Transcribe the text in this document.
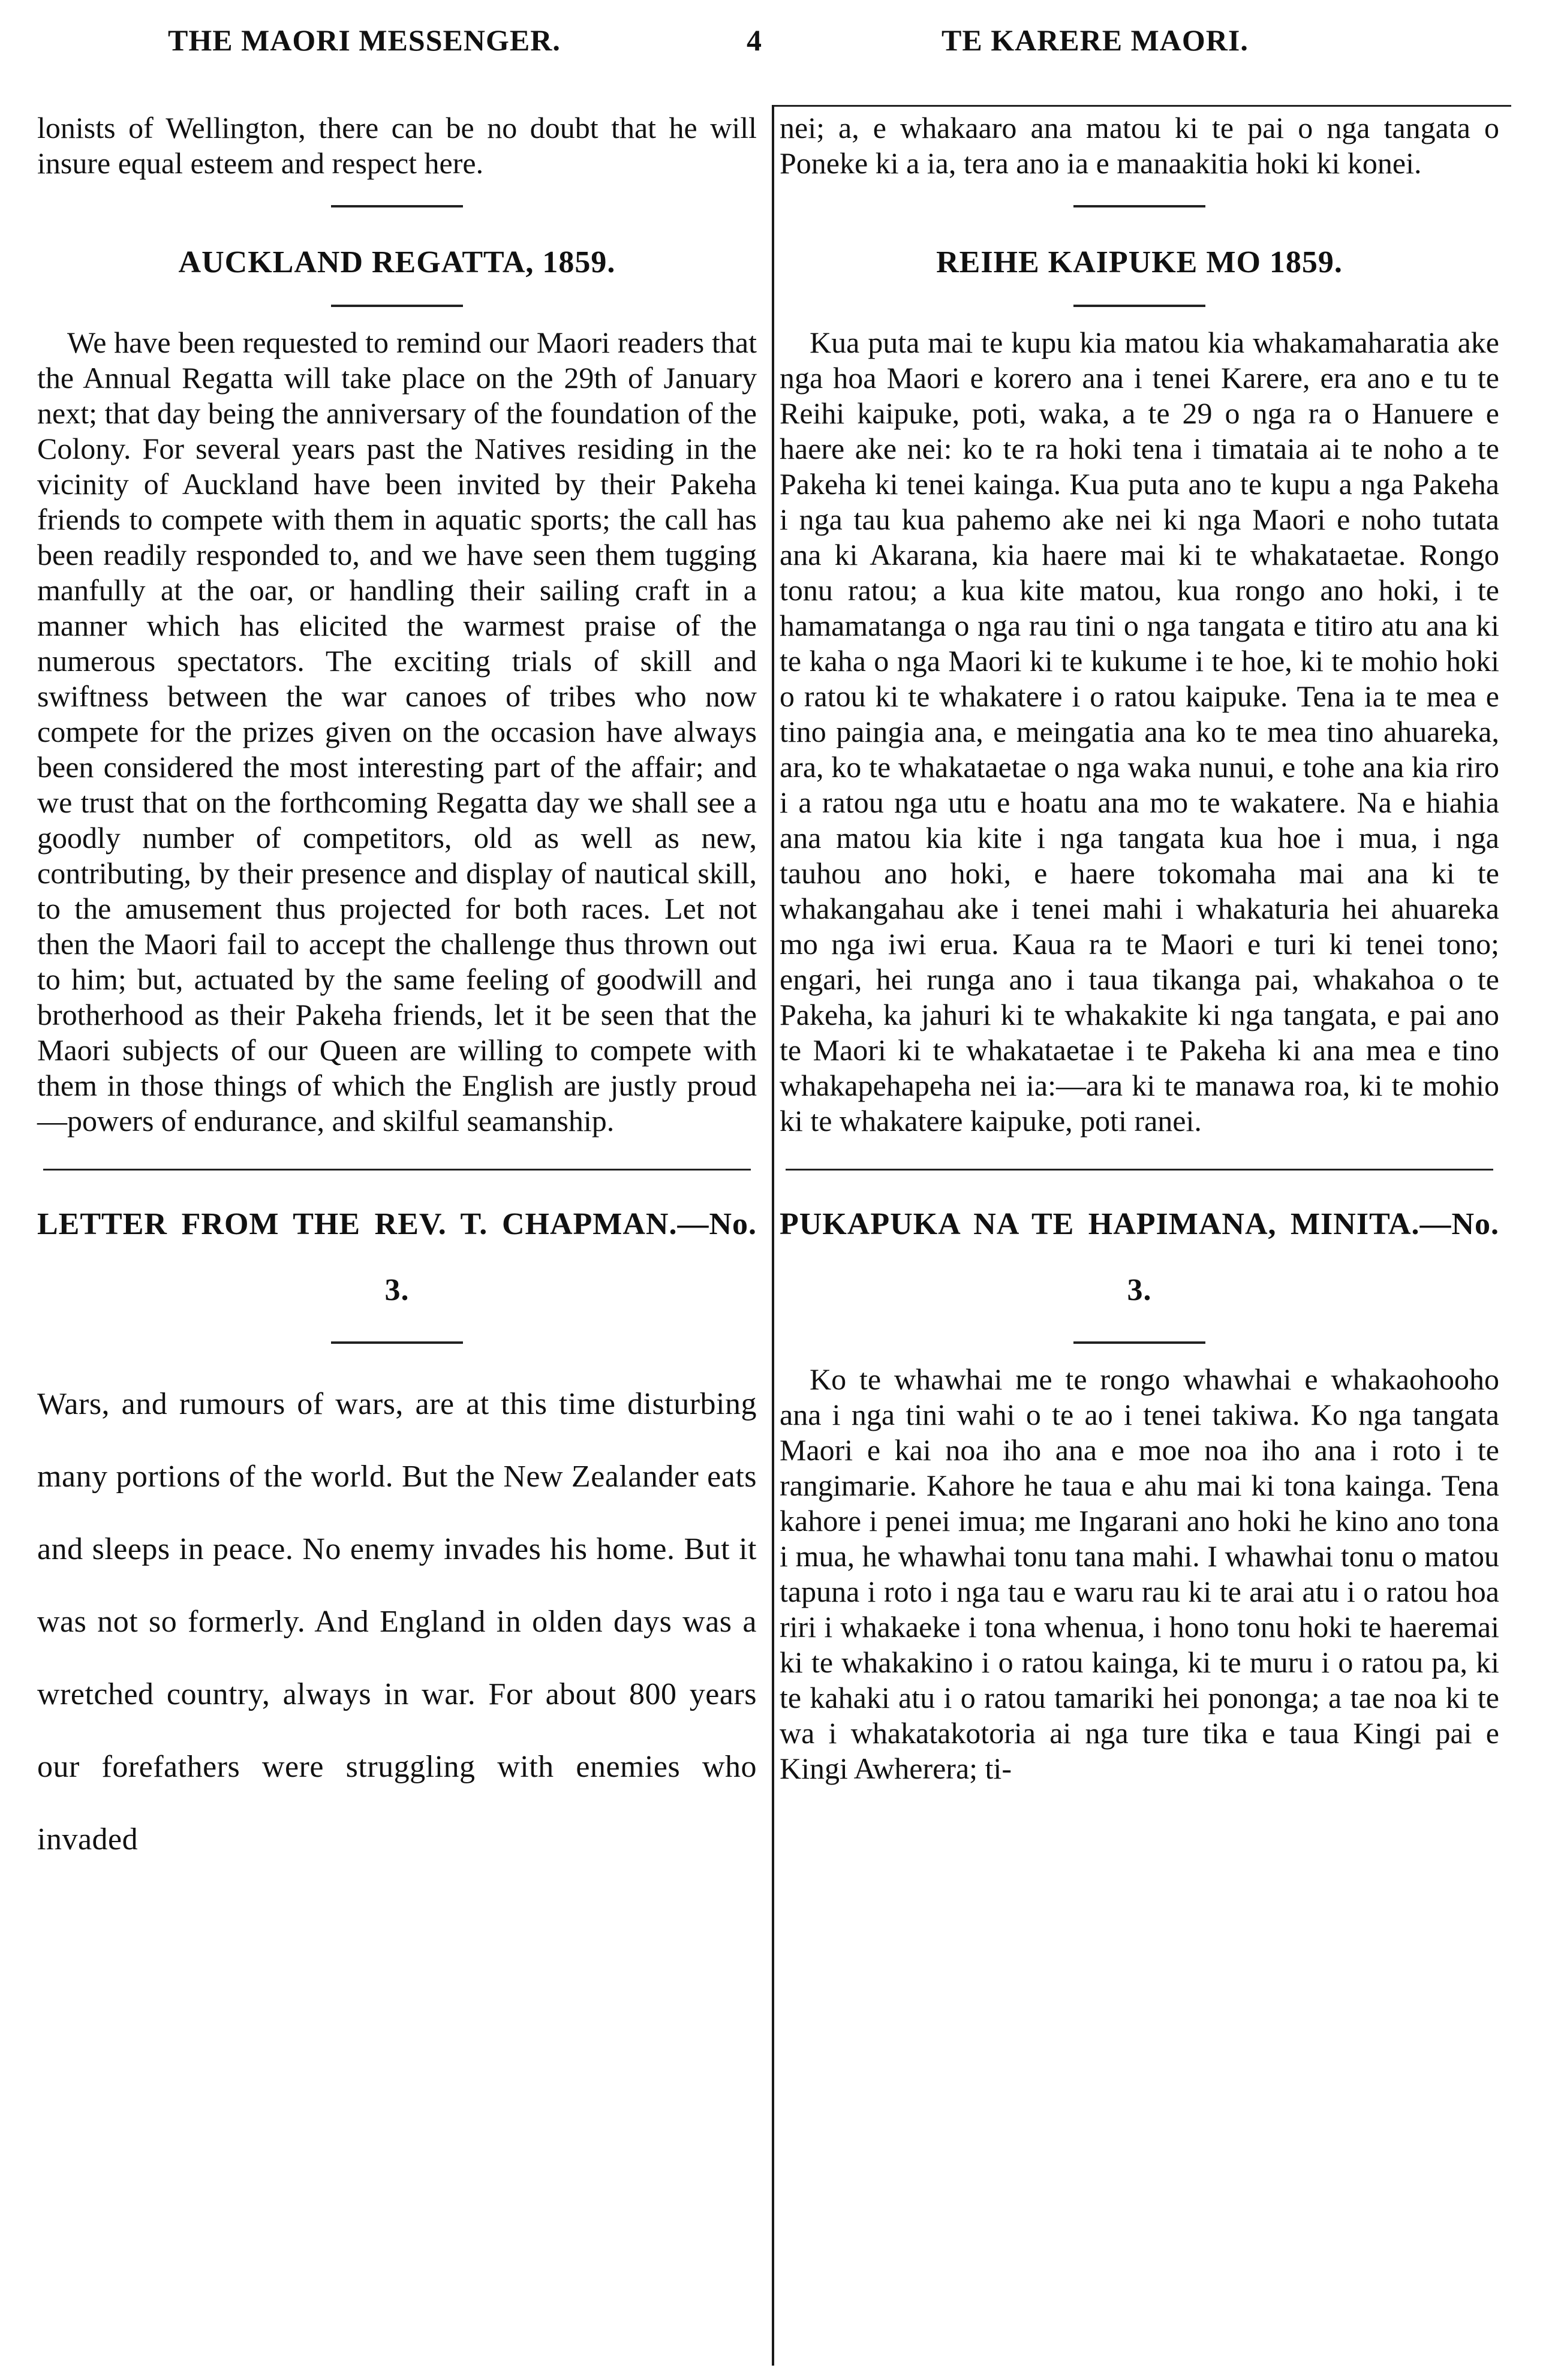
THE MAORI MESSENGER.	4	TE KARERE MAORI.

lonists of Wellington, there can be no doubt that he will insure equal esteem and respect here.

AUCKLAND REGATTA, 1859.

We have been requested to remind our Maori readers that the Annual Regatta will take place on the 29th of January next; that day being the anniversary of the foundation of the Colony. For several years past the Natives residing in the vicinity of Auckland have been invited by their Pakeha friends to compete with them in aquatic sports; the call has been readily responded to, and we have seen them tugging manfully at the oar, or handling their sailing craft in a manner which has elicited the warmest praise of the numerous spectators. The exciting trials of skill and swiftness between the war canoes of tribes who now compete for the prizes given on the occasion have always been considered the most interesting part of the affair; and we trust that on the forthcoming Regatta day we shall see a goodly number of competitors, old as well as new, contributing, by their presence and display of nautical skill, to the amusement thus projected for both races. Let not then the Maori fail to accept the challenge thus thrown out to him; but, actuated by the same feeling of goodwill and brotherhood as their Pakeha friends, let it be seen that the Maori subjects of our Queen are willing to compete with them in those things of which the English are justly proud—powers of endurance, and skilful seamanship.

LETTER FROM THE REV. T. CHAPMAN.—No. 3.

Wars, and rumours of wars, are at this time disturbing many portions of the world. But the New Zealander eats and sleeps in peace. No enemy invades his home. But it was not so formerly. And England in olden days was a wretched country, always in war. For about 800 years our forefathers were struggling with enemies who invaded

nei; a, e whakaaro ana matou ki te pai o nga tangata o Poneke ki a ia, tera ano ia e manaakitia hoki ki konei.

REIHE KAIPUKE MO 1859.

Kua puta mai te kupu kia matou kia whakamaharatia ake nga hoa Maori e korero ana i tenei Karere, era ano e tu te Reihi kaipuke, poti, waka, a te 29 o nga ra o Hanuere e haere ake nei: ko te ra hoki tena i timataia ai te noho a te Pakeha ki tenei kainga. Kua puta ano te kupu a nga Pakeha i nga tau kua pahemo ake nei ki nga Maori e noho tutata ana ki Akarana, kia haere mai ki te whakataetae. Rongo tonu ratou; a kua kite matou, kua rongo ano hoki, i te hamamatanga o nga rau tini o nga tangata e titiro atu ana ki te kaha o nga Maori ki te kukume i te hoe, ki te mohio hoki o ratou ki te whakatere i o ratou kaipuke. Tena ia te mea e tino paingia ana, e meingatia ana ko te mea tino ahuareka, ara, ko te whakataetae o nga waka nunui, e tohe ana kia riro i a ratou nga utu e hoatu ana mo te wakatere. Na e hiahia ana matou kia kite i nga tangata kua hoe i mua, i nga tauhou ano hoki, e haere tokomaha mai ana ki te whakangahau ake i tenei mahi i whakaturia hei ahuareka mo nga iwi erua. Kaua ra te Maori e turi ki tenei tono; engari, hei runga ano i taua tikanga pai, whakahoa o te Pakeha, ka jahuri ki te whakakite ki nga tangata, e pai ano te Maori ki te whakataetae i te Pakeha ki ana mea e tino whakapehapeha nei ia:—ara ki te manawa roa, ki te mohio ki te whakatere kaipuke, poti ranei.

PUKAPUKA NA TE HAPIMANA, MINITA.—No. 3.

Ko te whawhai me te rongo whawhai e whakaohooho ana i nga tini wahi o te ao i tenei takiwa. Ko nga tangata Maori e kai noa iho ana e moe noa iho ana i roto i te rangimarie. Kahore he taua e ahu mai ki tona kainga. Tena kahore i penei imua; me Ingarani ano hoki he kino ano tona i mua, he whawhai tonu tana mahi. I whawhai tonu o matou tapuna i roto i nga tau e waru rau ki te arai atu i o ratou hoa riri i whakaeke i tona whenua, i hono tonu hoki te haeremai ki te whakakino i o ratou kainga, ki te muru i o ratou pa, ki te kahaki atu i o ratou tamariki hei pononga; a tae noa ki te wa i whakatakotoria ai nga ture tika e taua Kingi pai e Kingi Awherera; ti-
